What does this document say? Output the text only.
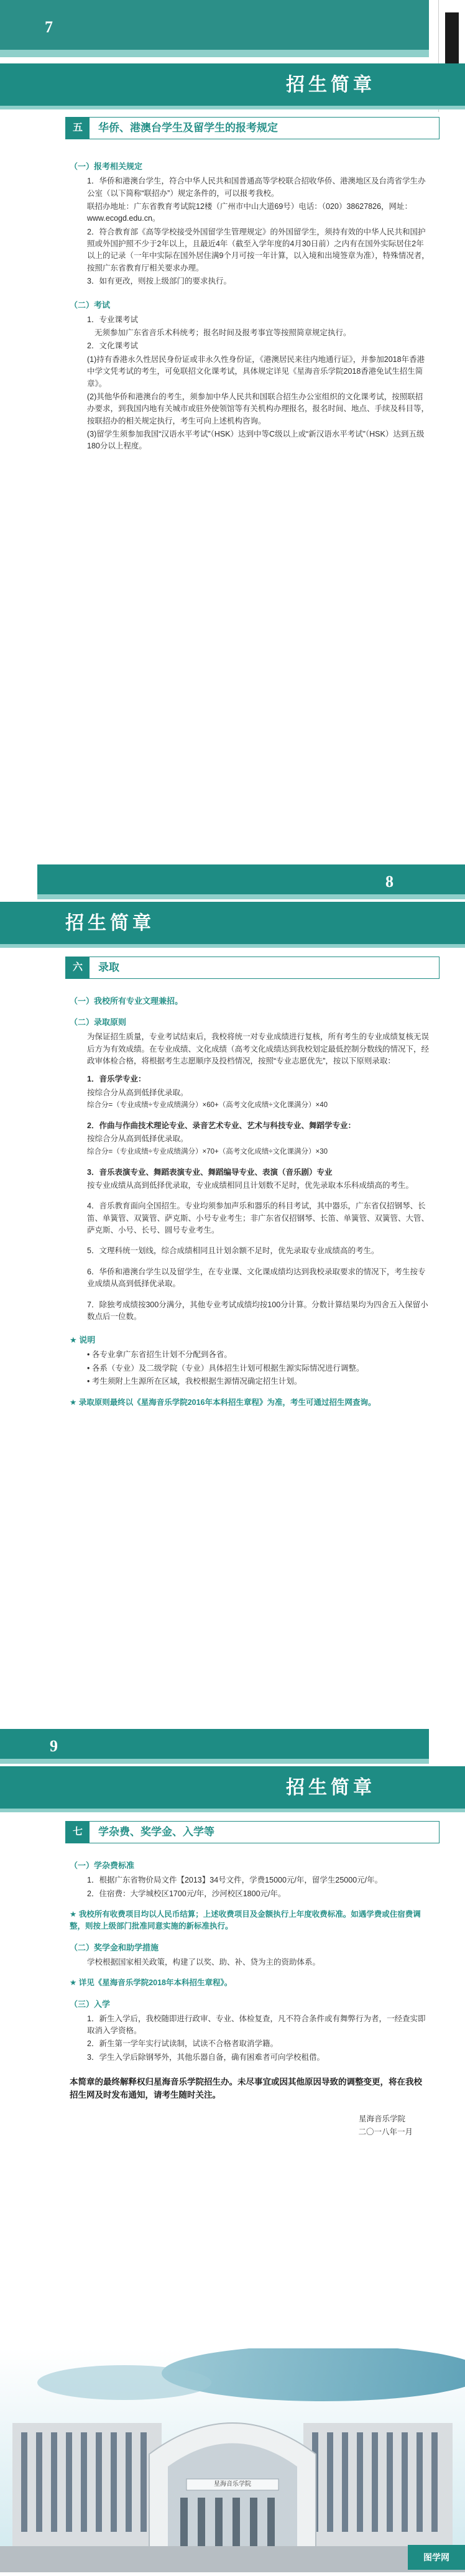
7
招生简章
五	华侨、港澳台学生及留学生的报考规定
（一）报考相关规定
1．华侨和港澳台学生，符合中华人民共和国普通高等学校联合招收华侨、港澳地区及台湾省学生办公室（以下简称“联招办”）规定条件的，可以报考我校。
联招办地址：广东省教育考试院12楼（广州市中山大道69号）电话：（020）38627826，网址：www.ecogd.edu.cn。
2．符合教育部《高等学校接受外国留学生管理规定》的外国留学生，须持有效的中华人民共和国护照或外国护照不少于2年以上，且最近4年（截至入学年度的4月30日前）之内有在国外实际居住2年以上的记录（一年中实际在国外居住满9个月可按一年计算，以入境和出境签章为准），特殊情况者，按照广东省教育厅相关要求办理。
3．如有更改，则按上级部门的要求执行。
（二）考试
1．专业课考试
无须参加广东省音乐术科统考；报名时间及报考事宜等按照简章规定执行。
2．文化课考试
(1)持有香港永久性居民身份证或非永久性身份证，《港澳居民来往内地通行证》，并参加2018年香港中学文凭考试的考生，可免联招文化课考试，具体规定详见《星海音乐学院2018香港免试生招生简章》。
(2)其他华侨和港澳台的考生，须参加中华人民共和国联合招生办公室组织的文化课考试，按照联招办要求，到我国内地有关城市或驻外使领馆等有关机构办理报名，报名时间、地点、手续及科目等，按联招办的相关规定执行，考生可向上述机构咨询。
(3)留学生须参加我国“汉语水平考试”（HSK）达到中等C级以上或“新汉语水平考试”（HSK）达到五级180分以上程度。
8
招生简章
六	录取
（一）我校所有专业文理兼招。
（二）录取原则
为保证招生质量，专业考试结束后，我校将统一对专业成绩进行复核，所有考生的专业成绩复核无误后方为有效成绩。在专业成绩、文化成绩（高考文化成绩达到我校划定最低控制分数线的情况下，经政审体检合格，将根据考生志愿顺序及投档情况，按照“专业志愿优先”，按以下原则录取：
1．音乐学专业：
按综合分从高到低择优录取。
综合分=（专业成绩÷专业成绩满分）×60+（高考文化成绩÷文化课满分）×40
2．作曲与作曲技术理论专业、录音艺术专业、艺术与科技专业、舞蹈学专业：
按综合分从高到低择优录取。
综合分=（专业成绩÷专业成绩满分）×70+（高考文化成绩÷文化课满分）×30
3．音乐表演专业、舞蹈表演专业、舞蹈编导专业、表演（音乐剧）专业
按专业成绩从高到低择优录取，专业成绩相同且计划数不足时，优先录取本乐科成绩高的考生。
4．音乐教育面向全国招生。专业均须参加声乐和器乐的科目考试，其中器乐，广东省仅招钢琴、长笛、单簧管、双簧管、萨克斯、小号专业考生；非广东省仅招钢琴、长笛、单簧管、双簧管、大管、萨克斯、小号、长号、圆号专业考生。
5．文理科统一划线，综合成绩相同且计划余额不足时，优先录取专业成绩高的考生。
6．华侨和港澳台学生以及留学生，在专业课、文化课成绩均达到我校录取要求的情况下，考生按专业成绩从高到低择优录取。
7．除独考成绩按300分满分，其他专业考试成绩均按100分计算。分数计算结果均为四舍五入保留小数点后一位数。
★ 说明
• 各专业拿广东省招生计划不分配到各省。
• 各系（专业）及二级学院（专业）具体招生计划可根据生源实际情况进行调整。
• 考生须附上生源所在区域，我校根据生源情况确定招生计划。
★ 录取原则最终以《星海音乐学院2016年本科招生章程》为准，考生可通过招生网查询。
9
招生简章
七	学杂费、奖学金、入学等
（一）学杂费标准
1．根据广东省物价局文件【2013】34号文件，学费15000元/年，留学生25000元/年。
2．住宿费：大学城校区1700元/年，沙河校区1800元/年。
★ 我校所有收费项目均以人民币结算；上述收费项目及金额执行上年度收费标准。如遇学费或住宿费调整，则按上级部门批准同意实施的新标准执行。
（二）奖学金和助学措施
学校根据国家相关政策，构建了以奖、助、补、贷为主的资助体系。
★ 详见《星海音乐学院2018年本科招生章程》。
（三）入学
1．新生入学后，我校随即进行政审、专业、体检复查，凡不符合条件或有舞弊行为者，一经查实即取消入学资格。
2．新生第一学年实行试读制，试读不合格者取消学籍。
3．学生入学后除钢琴外，其他乐器自备，确有困难者可向学校租借。
本简章的最终解释权归星海音乐学院招生办。未尽事宜或因其他原因导致的调整变更，将在我校招生网及时发布通知，请考生随时关注。
星海音乐学院
二〇一八年一月
星海音乐学院
图学网
